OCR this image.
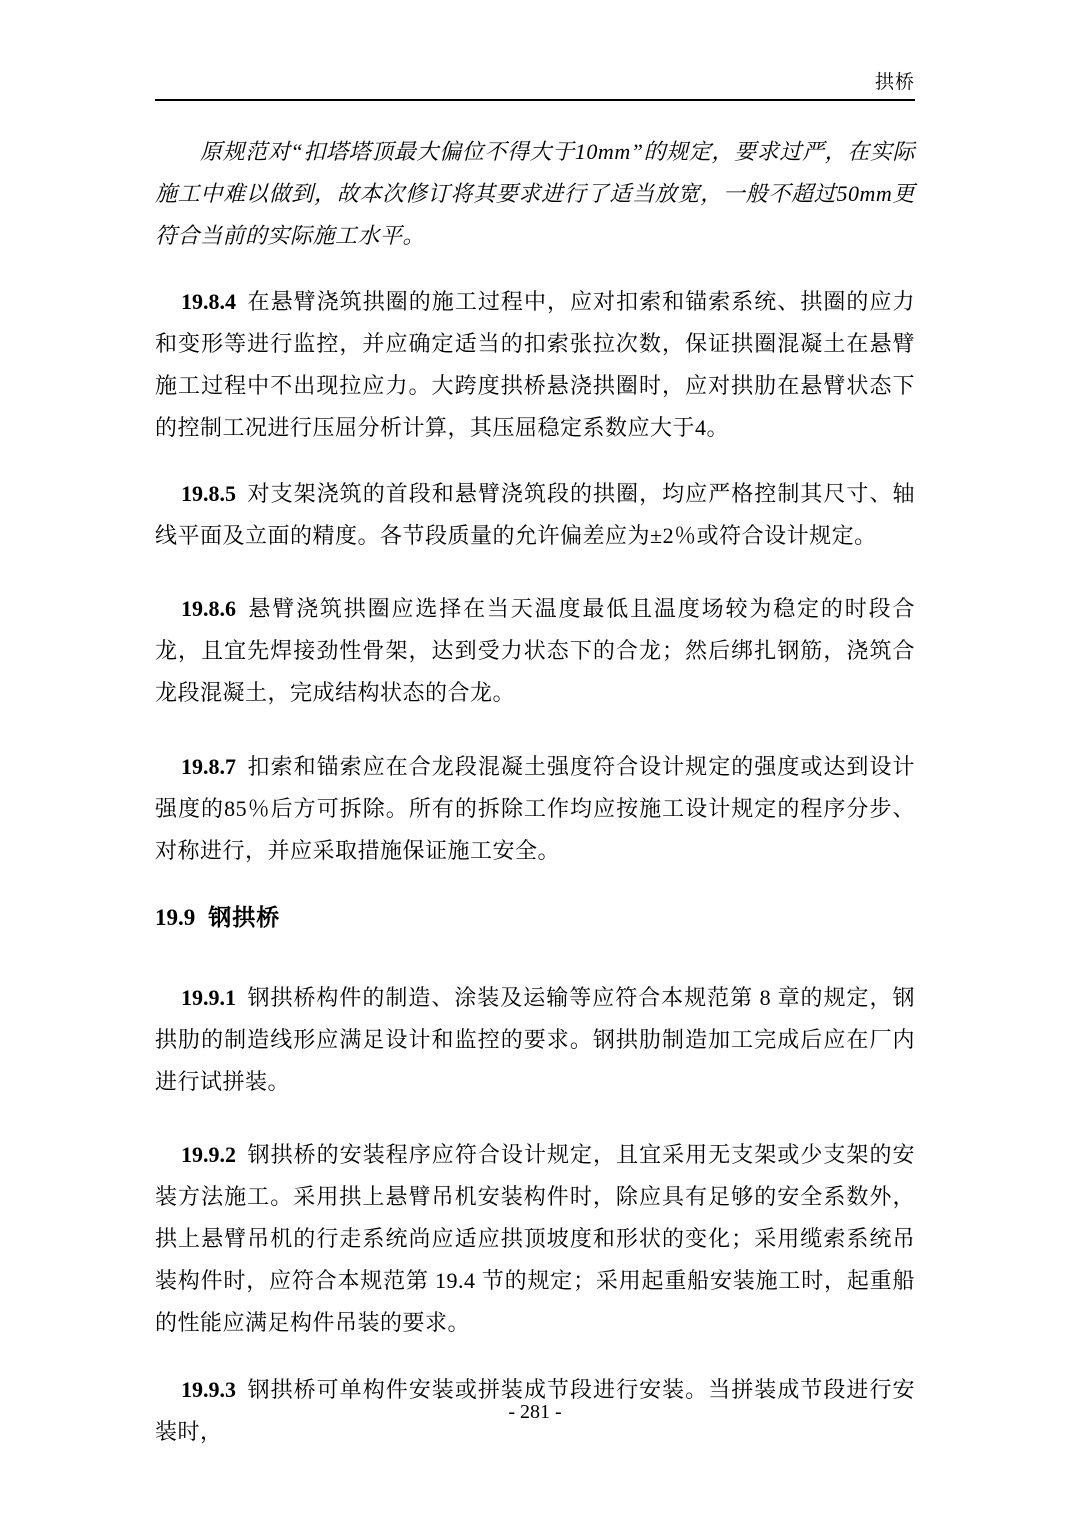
拱桥

原规范对“扣塔塔顶最大偏位不得大于10mm”的规定，要求过严，在实际施工中难以做到，故本次修订将其要求进行了适当放宽，一般不超过50mm更符合当前的实际施工水平。

19.8.4 在悬臂浇筑拱圈的施工过程中，应对扣索和锚索系统、拱圈的应力和变形等进行监控，并应确定适当的扣索张拉次数，保证拱圈混凝土在悬臂施工过程中不出现拉应力。大跨度拱桥悬浇拱圈时，应对拱肋在悬臂状态下的控制工况进行压屈分析计算，其压屈稳定系数应大于4。

19.8.5 对支架浇筑的首段和悬臂浇筑段的拱圈，均应严格控制其尺寸、轴线平面及立面的精度。各节段质量的允许偏差应为±2％或符合设计规定。

19.8.6 悬臂浇筑拱圈应选择在当天温度最低且温度场较为稳定的时段合龙，且宜先焊接劲性骨架，达到受力状态下的合龙；然后绑扎钢筋，浇筑合龙段混凝土，完成结构状态的合龙。

19.8.7 扣索和锚索应在合龙段混凝土强度符合设计规定的强度或达到设计强度的85％后方可拆除。所有的拆除工作均应按施工设计规定的程序分步、对称进行，并应采取措施保证施工安全。

19.9 钢拱桥

19.9.1 钢拱桥构件的制造、涂装及运输等应符合本规范第 8 章的规定，钢拱肋的制造线形应满足设计和监控的要求。钢拱肋制造加工完成后应在厂内进行试拼装。

19.9.2 钢拱桥的安装程序应符合设计规定，且宜采用无支架或少支架的安装方法施工。采用拱上悬臂吊机安装构件时，除应具有足够的安全系数外，拱上悬臂吊机的行走系统尚应适应拱顶坡度和形状的变化；采用缆索系统吊装构件时，应符合本规范第 19.4 节的规定；采用起重船安装施工时，起重船的性能应满足构件吊装的要求。

19.9.3 钢拱桥可单构件安装或拼装成节段进行安装。当拼装成节段进行安装时，

- 281 -
